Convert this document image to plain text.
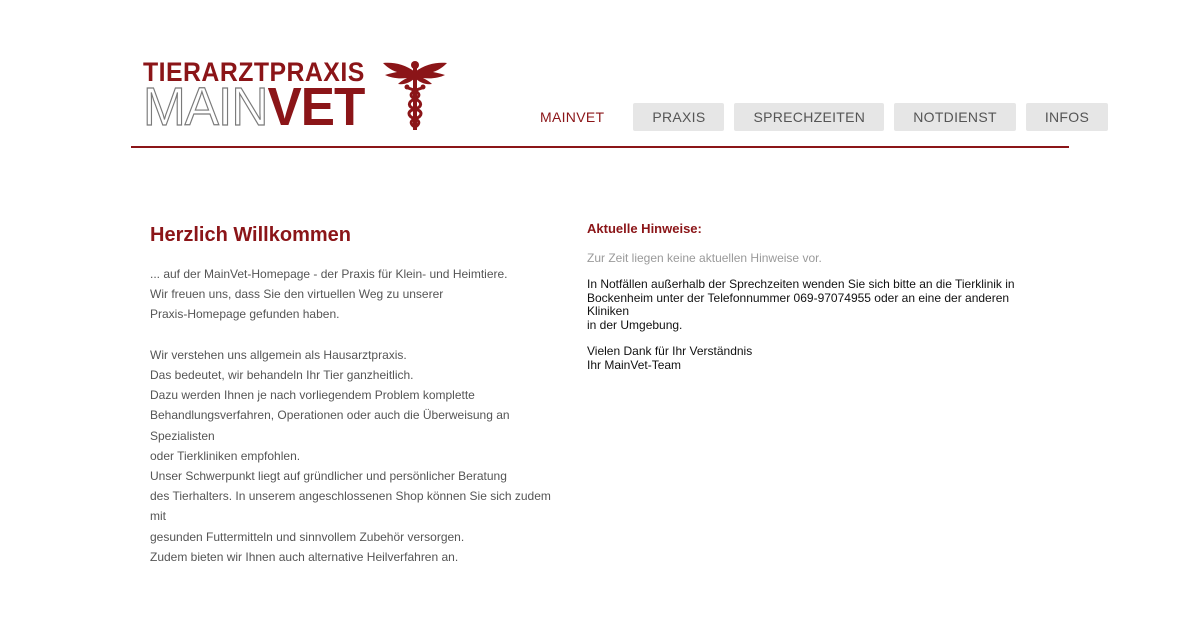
TIERARZTPRAXIS
MAINVET	MAINVET	PRAXIS	SPRECHZEITEN	NOTDIENST	INFOS
Herzlich Willkommen

... auf der MainVet-Homepage - der Praxis für Klein- und Heimtiere.

Wir freuen uns, dass Sie den virtuellen Weg zu unserer

Praxis-Homepage gefunden haben.

Wir verstehen uns allgemein als Hausarztpraxis.

Das bedeutet, wir behandeln Ihr Tier ganzheitlich.

Dazu werden Ihnen je nach vorliegendem Problem komplette

Behandlungsverfahren, Operationen oder auch die Überweisung an Spezialisten

oder Tierkliniken empfohlen.

Unser Schwerpunkt liegt auf gründlicher und persönlicher Beratung

des Tierhalters. In unserem angeschlossenen Shop können Sie sich zudem mit

gesunden Futtermitteln und sinnvollem Zubehör versorgen.

Zudem bieten wir Ihnen auch alternative Heilverfahren an.

Aktuelle Hinweise:

Zur Zeit liegen keine aktuellen Hinweise vor.

In Notfällen außerhalb der Sprechzeiten wenden Sie sich bitte an die Tierklinik in
Bockenheim unter der Telefonnummer 069-97074955 oder an eine der anderen Kliniken
in der Umgebung.
Vielen Dank für Ihr Verständnis
Ihr MainVet-Team
